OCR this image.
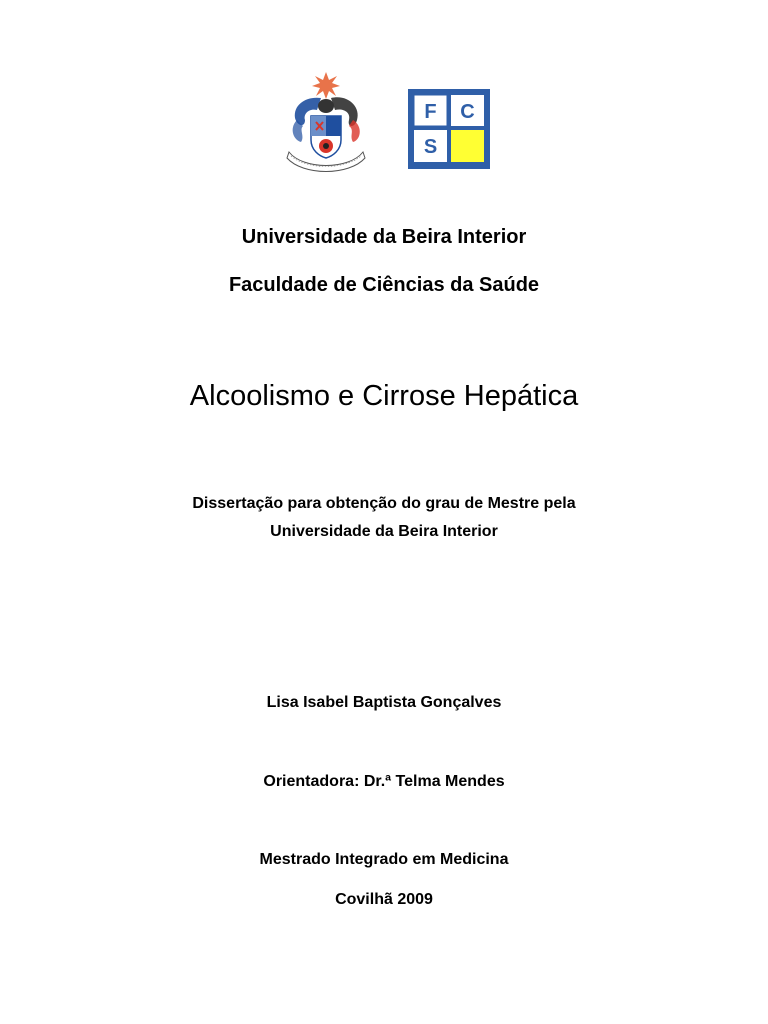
F C
S
Universidade da Beira Interior
Faculdade de Ciências da Saúde
Alcoolismo e Cirrose Hepática
Dissertação para obtenção do grau de Mestre pela
Universidade da Beira Interior
Lisa Isabel Baptista Gonçalves
Orientadora: Dr.ª Telma Mendes
Mestrado Integrado em Medicina
Covilhã 2009
